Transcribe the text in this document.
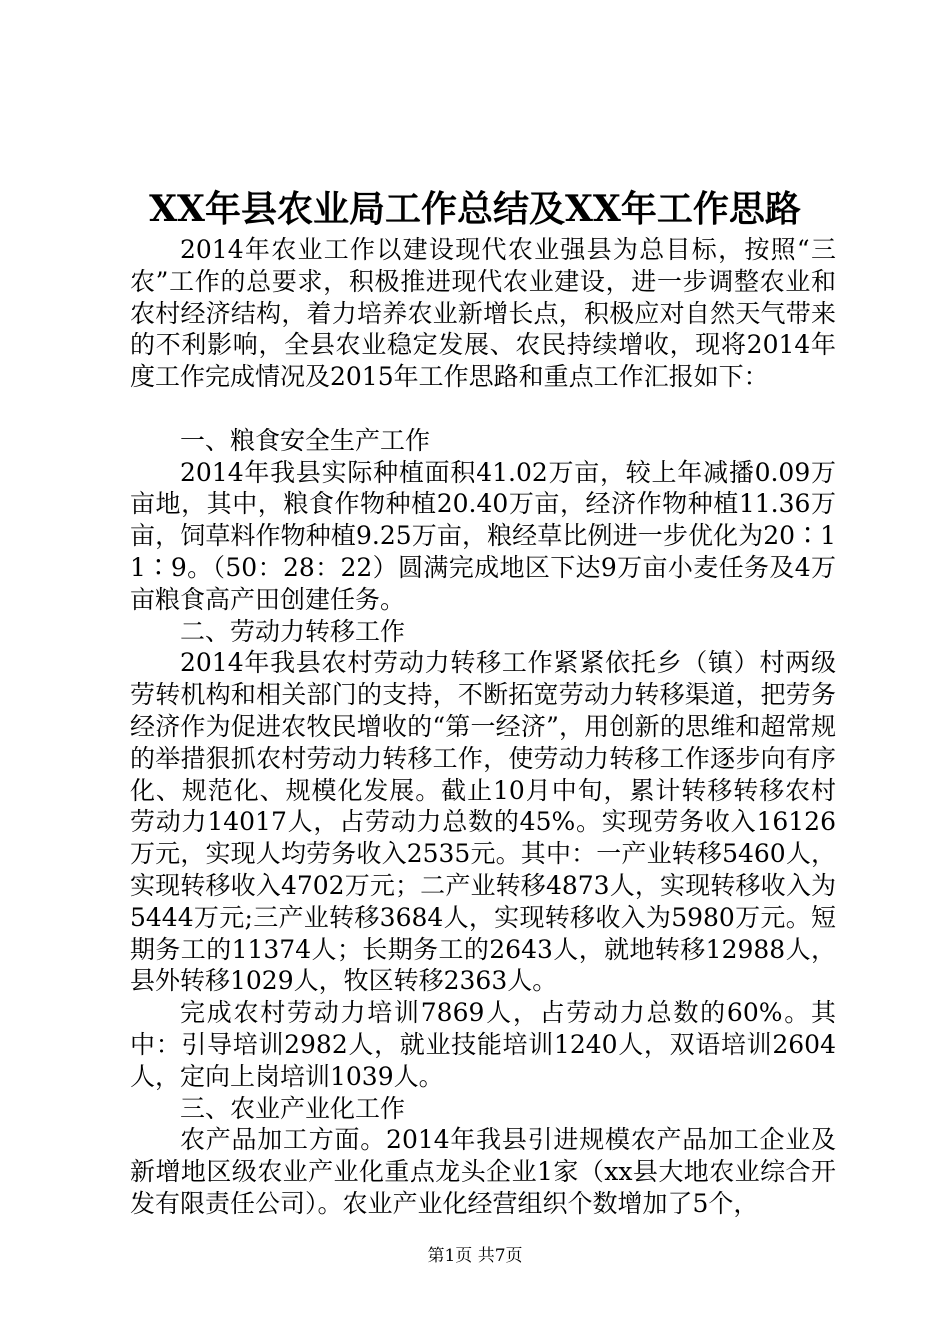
XX年县农业局工作总结及XX年工作思路

2014年农业工作以建设现代农业强县为总目标，按照“三农”工作的总要求，积极推进现代农业建设，进一步调整农业和农村经济结构，着力培养农业新增长点，积极应对自然天气带来的不利影响，全县农业稳定发展、农民持续增收，现将2014年度工作完成情况及2015年工作思路和重点工作汇报如下：

一、粮食安全生产工作

2014年我县实际种植面积41.02万亩，较上年减播0.09万亩地，其中，粮食作物种植20.40万亩，经济作物种植11.36万亩，饲草料作物种植9.25万亩，粮经草比例进一步优化为20∶11∶9。（50：28：22）圆满完成地区下达9万亩小麦任务及4万亩粮食高产田创建任务。

二、劳动力转移工作

2014年我县农村劳动力转移工作紧紧依托乡（镇）村两级劳转机构和相关部门的支持，不断拓宽劳动力转移渠道，把劳务经济作为促进农牧民增收的“第一经济”，用创新的思维和超常规的举措狠抓农村劳动力转移工作，使劳动力转移工作逐步向有序化、规范化、规模化发展。截止10月中旬，累计转移转移农村劳动力14017人，占劳动力总数的45%。实现劳务收入16126万元，实现人均劳务收入2535元。其中：一产业转移5460人，实现转移收入4702万元；二产业转移4873人，实现转移收入为5444万元;三产业转移3684人，实现转移收入为5980万元。短期务工的11374人；长期务工的2643人，就地转移12988人，县外转移1029人，牧区转移2363人。

完成农村劳动力培训7869人，占劳动力总数的60%。其中：引导培训2982人，就业技能培训1240人，双语培训2604人，定向上岗培训1039人。

三、农业产业化工作

农产品加工方面。2014年我县引进规模农产品加工企业及新增地区级农业产业化重点龙头企业1家（xx县大地农业综合开发有限责任公司）。农业产业化经营组织个数增加了5个，

第1页 共7页
